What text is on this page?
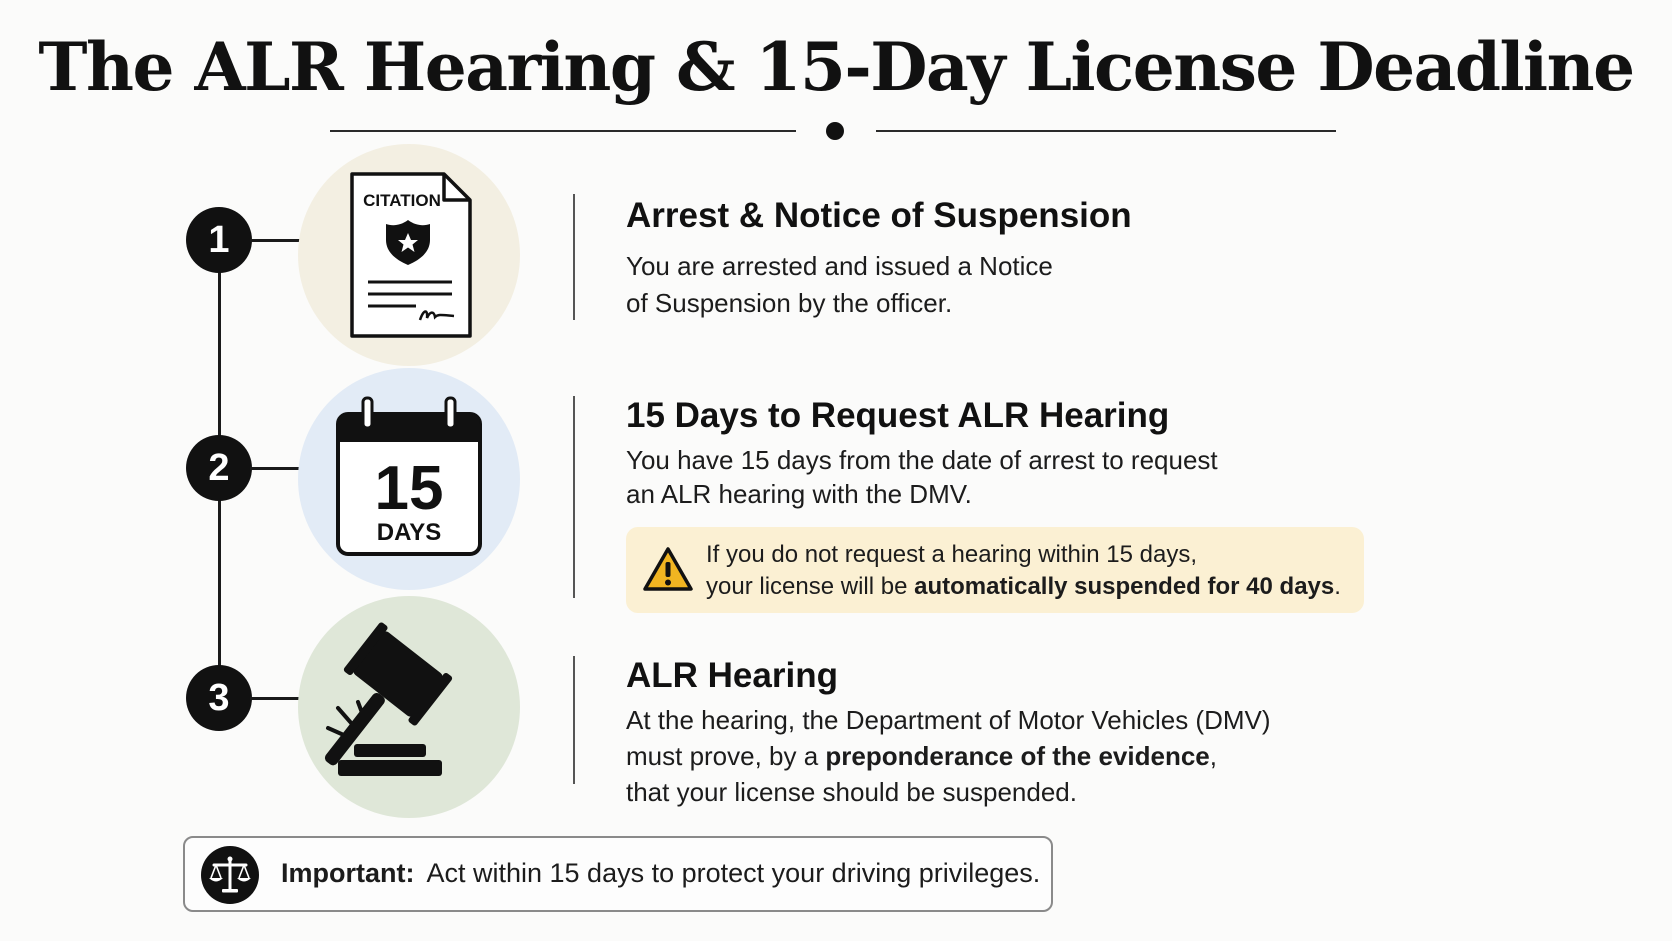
The ALR Hearing & 15-Day License Deadline
1
CITATION	Arrest & Notice of Suspension

You are arrested and issued a Notice

of Suspension by the officer.

2	15
DAYS
15 Days to Request ALR Hearing

You have 15 days from the date of arrest to request

an ALR hearing with the DMV.

If you do not request a hearing within 15 days,

your license will be automatically suspended for 40 days.

3
ALR Hearing

At the hearing, the Department of Motor Vehicles (DMV)

must prove, by a preponderance of the evidence,

that your license should be suspended.

Important: Act within 15 days to protect your driving privileges.
